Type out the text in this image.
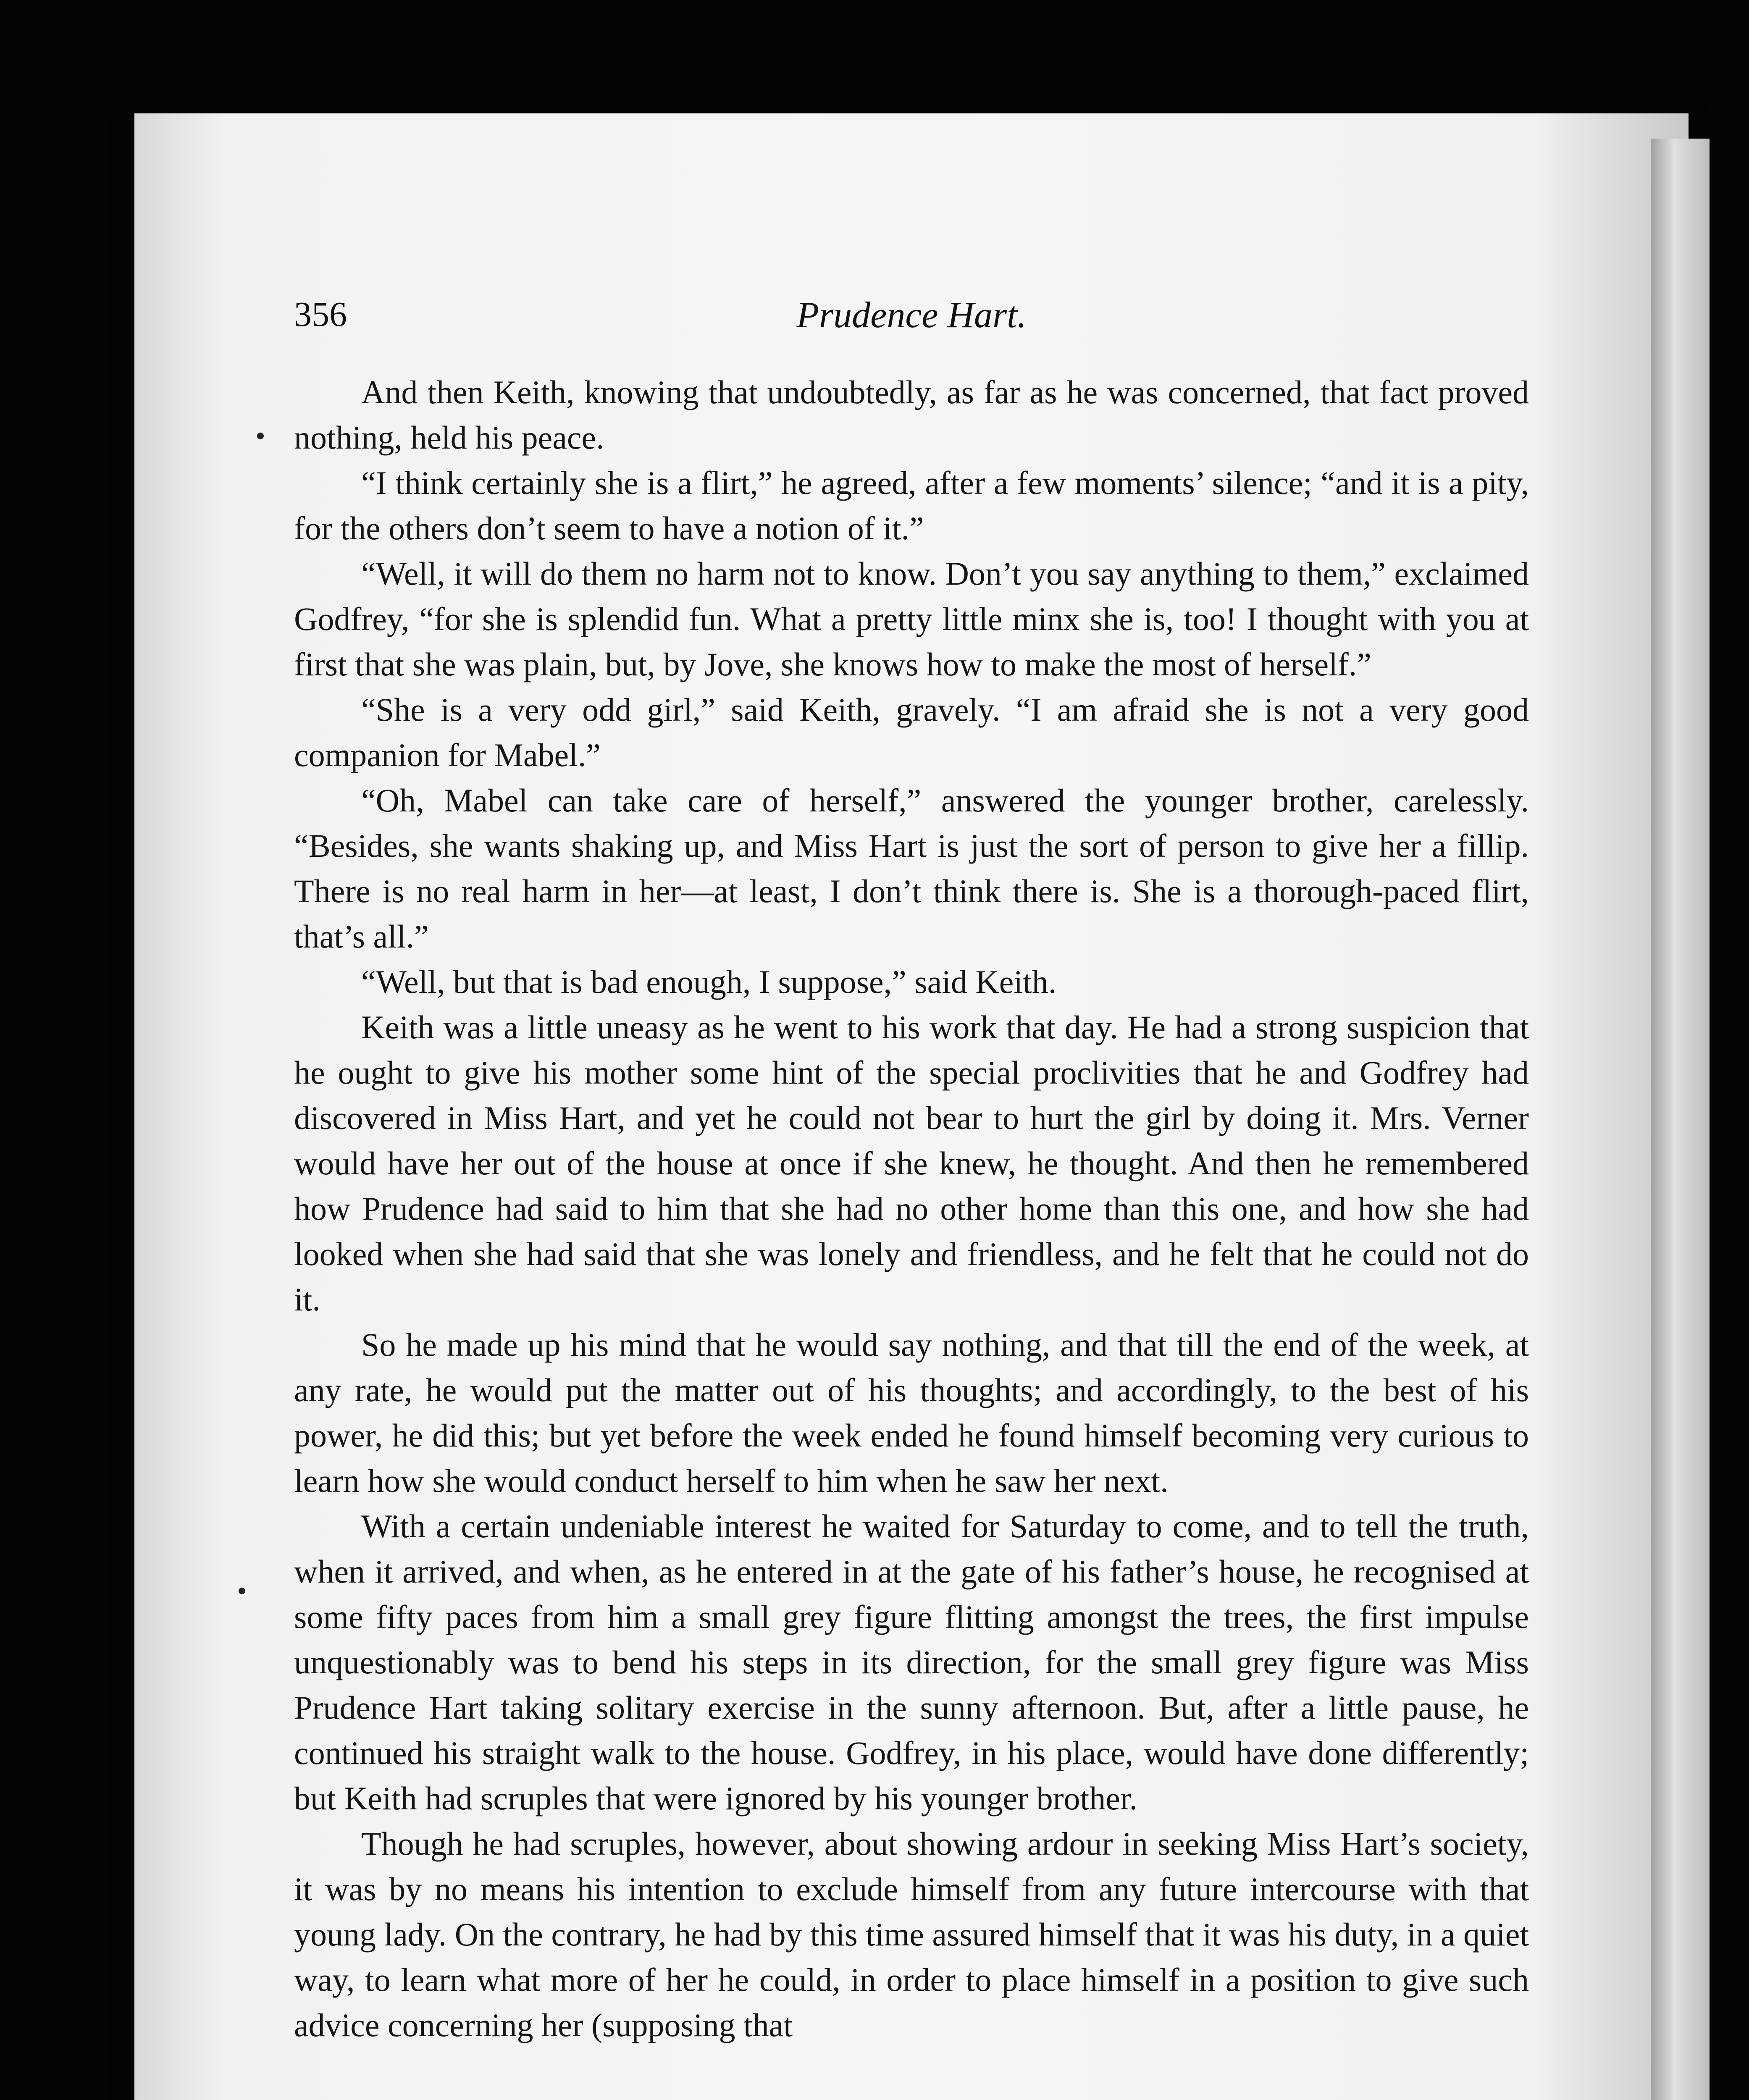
356	Prudence Hart.

And then Keith, knowing that undoubtedly, as far as he was concerned, that fact proved nothing, held his peace.

“I think certainly she is a flirt,” he agreed, after a few moments’ silence; “and it is a pity, for the others don’t seem to have a notion of it.”

“Well, it will do them no harm not to know. Don’t you say anything to them,” exclaimed Godfrey, “for she is splendid fun. What a pretty little minx she is, too! I thought with you at first that she was plain, but, by Jove, she knows how to make the most of herself.”

“She is a very odd girl,” said Keith, gravely. “I am afraid she is not a very good companion for Mabel.”

“Oh, Mabel can take care of herself,” answered the younger brother, carelessly. “Besides, she wants shaking up, and Miss Hart is just the sort of person to give her a fillip. There is no real harm in her—at least, I don’t think there is. She is a thorough-paced flirt, that’s all.”

“Well, but that is bad enough, I suppose,” said Keith.

Keith was a little uneasy as he went to his work that day. He had a strong suspicion that he ought to give his mother some hint of the special proclivities that he and Godfrey had discovered in Miss Hart, and yet he could not bear to hurt the girl by doing it. Mrs. Verner would have her out of the house at once if she knew, he thought. And then he remembered how Prudence had said to him that she had no other home than this one, and how she had looked when she had said that she was lonely and friendless, and he felt that he could not do it.

So he made up his mind that he would say nothing, and that till the end of the week, at any rate, he would put the matter out of his thoughts; and accordingly, to the best of his power, he did this; but yet before the week ended he found himself becoming very curious to learn how she would conduct herself to him when he saw her next.

With a certain undeniable interest he waited for Saturday to come, and to tell the truth, when it arrived, and when, as he entered in at the gate of his father’s house, he recognised at some fifty paces from him a small grey figure flitting amongst the trees, the first impulse unquestionably was to bend his steps in its direction, for the small grey figure was Miss Prudence Hart taking solitary exercise in the sunny afternoon. But, after a little pause, he continued his straight walk to the house. Godfrey, in his place, would have done differently; but Keith had scruples that were ignored by his younger brother.

Though he had scruples, however, about showing ardour in seeking Miss Hart’s society, it was by no means his intention to exclude himself from any future intercourse with that young lady. On the contrary, he had by this time assured himself that it was his duty, in a quiet way, to learn what more of her he could, in order to place himself in a position to give such advice concerning her (supposing that
